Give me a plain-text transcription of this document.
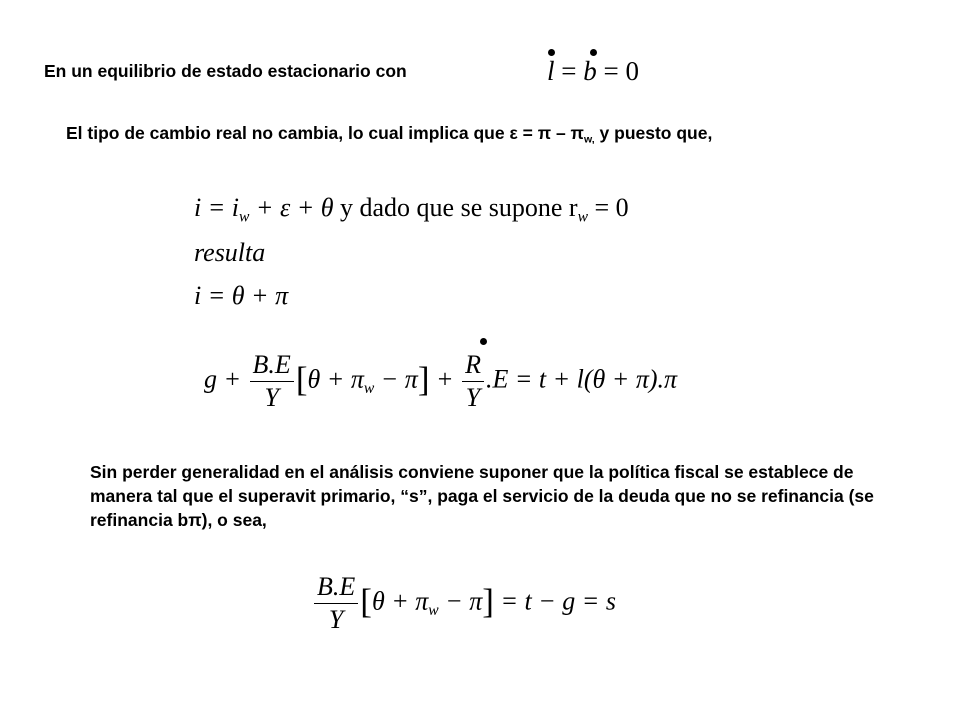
En un equilibrio de estado estacionario con	l = b = 0
El tipo de cambio real no cambia, lo cual implica que $\varepsilon = \pi - \pi_{w,}$ y puesto que,
$i = i_w + \varepsilon + \theta$ y dado que se supone $r_w = 0$
resulta
i = θ + π
$g + \frac{B.E}{Y} [\theta + \pi_w - \pi] + \frac{R}{Y} .E = t + l(\theta + \pi).\pi$
Sin perder generalidad en el análisis conviene suponer que la política fiscal se establece de manera tal que el superavit primario, “s”, paga el servicio de la deuda que no se refinancia (se refinancia bπ), o sea,
$\frac{B.E}{Y} [\theta + \pi_w - \pi] = t - g = s$
